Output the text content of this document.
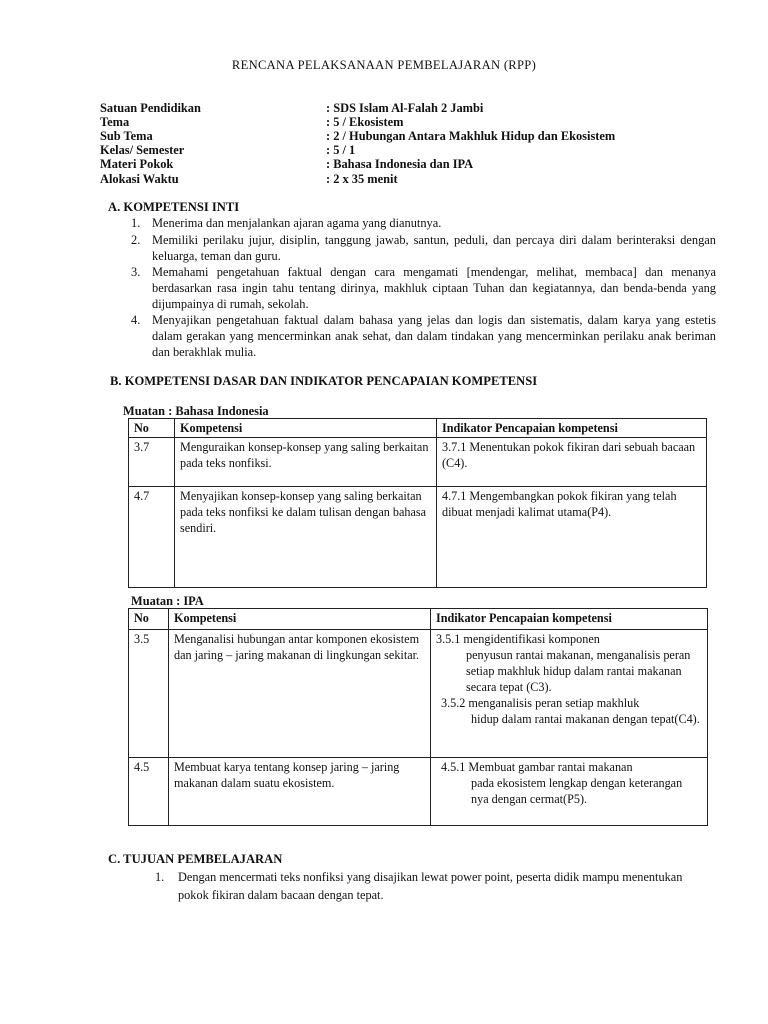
RENCANA PELAKSANAAN PEMBELAJARAN (RPP)
Satuan Pendidikan	: SDS Islam Al-Falah 2 Jambi
Tema	: 5 / Ekosistem
Sub Tema	: 2 / Hubungan Antara Makhluk Hidup dan Ekosistem
Kelas/ Semester	: 5 / 1
Materi Pokok	: Bahasa Indonesia dan IPA
Alokasi Waktu	: 2 x 35 menit
A. KOMPETENSI INTI
1. Menerima dan menjalankan ajaran agama yang dianutnya.
2. Memiliki perilaku jujur, disiplin, tanggung jawab, santun, peduli, dan percaya diri dalam berinteraksi dengan keluarga, teman dan guru.
3. Memahami pengetahuan faktual dengan cara mengamati [mendengar, melihat, membaca] dan menanya berdasarkan rasa ingin tahu tentang dirinya, makhluk ciptaan Tuhan dan kegiatannya, dan benda-benda yang dijumpainya di rumah, sekolah.
4. Menyajikan pengetahuan faktual dalam bahasa yang jelas dan logis dan sistematis, dalam karya yang estetis dalam gerakan yang mencerminkan anak sehat, dan dalam tindakan yang mencerminkan perilaku anak beriman dan berakhlak mulia.
B. KOMPETENSI DASAR DAN INDIKATOR PENCAPAIAN KOMPETENSI
Muatan : Bahasa Indonesia
No	Kompetensi	Indikator Pencapaian kompetensi
3.7	Menguraikan konsep-konsep yang saling berkaitan pada teks nonfiksi.	3.7.1 Menentukan pokok fikiran dari sebuah bacaan (C4).
4.7	Menyajikan konsep-konsep yang saling berkaitan pada teks nonfiksi ke dalam tulisan dengan bahasa sendiri.	4.7.1 Mengembangkan pokok fikiran yang telah dibuat menjadi kalimat utama(P4).
Muatan : IPA
No	Kompetensi	Indikator Pencapaian kompetensi
3.5	Menganalisi hubungan antar komponen ekosistem dan jaring – jaring makanan di lingkungan sekitar.	3.5.1 mengidentifikasi komponen
penyusun rantai makanan, menganalisis peran setiap makhluk hidup dalam rantai makanan secara tepat (C3).
3.5.2 menganalisis peran setiap makhluk
hidup dalam rantai makanan dengan tepat(C4).

4.5	Membuat karya tentang konsep jaring – jaring makanan dalam suatu ekosistem.	4.5.1 Membuat gambar rantai makanan
pada ekosistem lengkap dengan keterangan nya dengan cermat(P5).
C. TUJUAN PEMBELAJARAN
1. Dengan mencermati teks nonfiksi yang disajikan lewat power point, peserta didik mampu menentukan pokok fikiran dalam bacaan dengan tepat.
